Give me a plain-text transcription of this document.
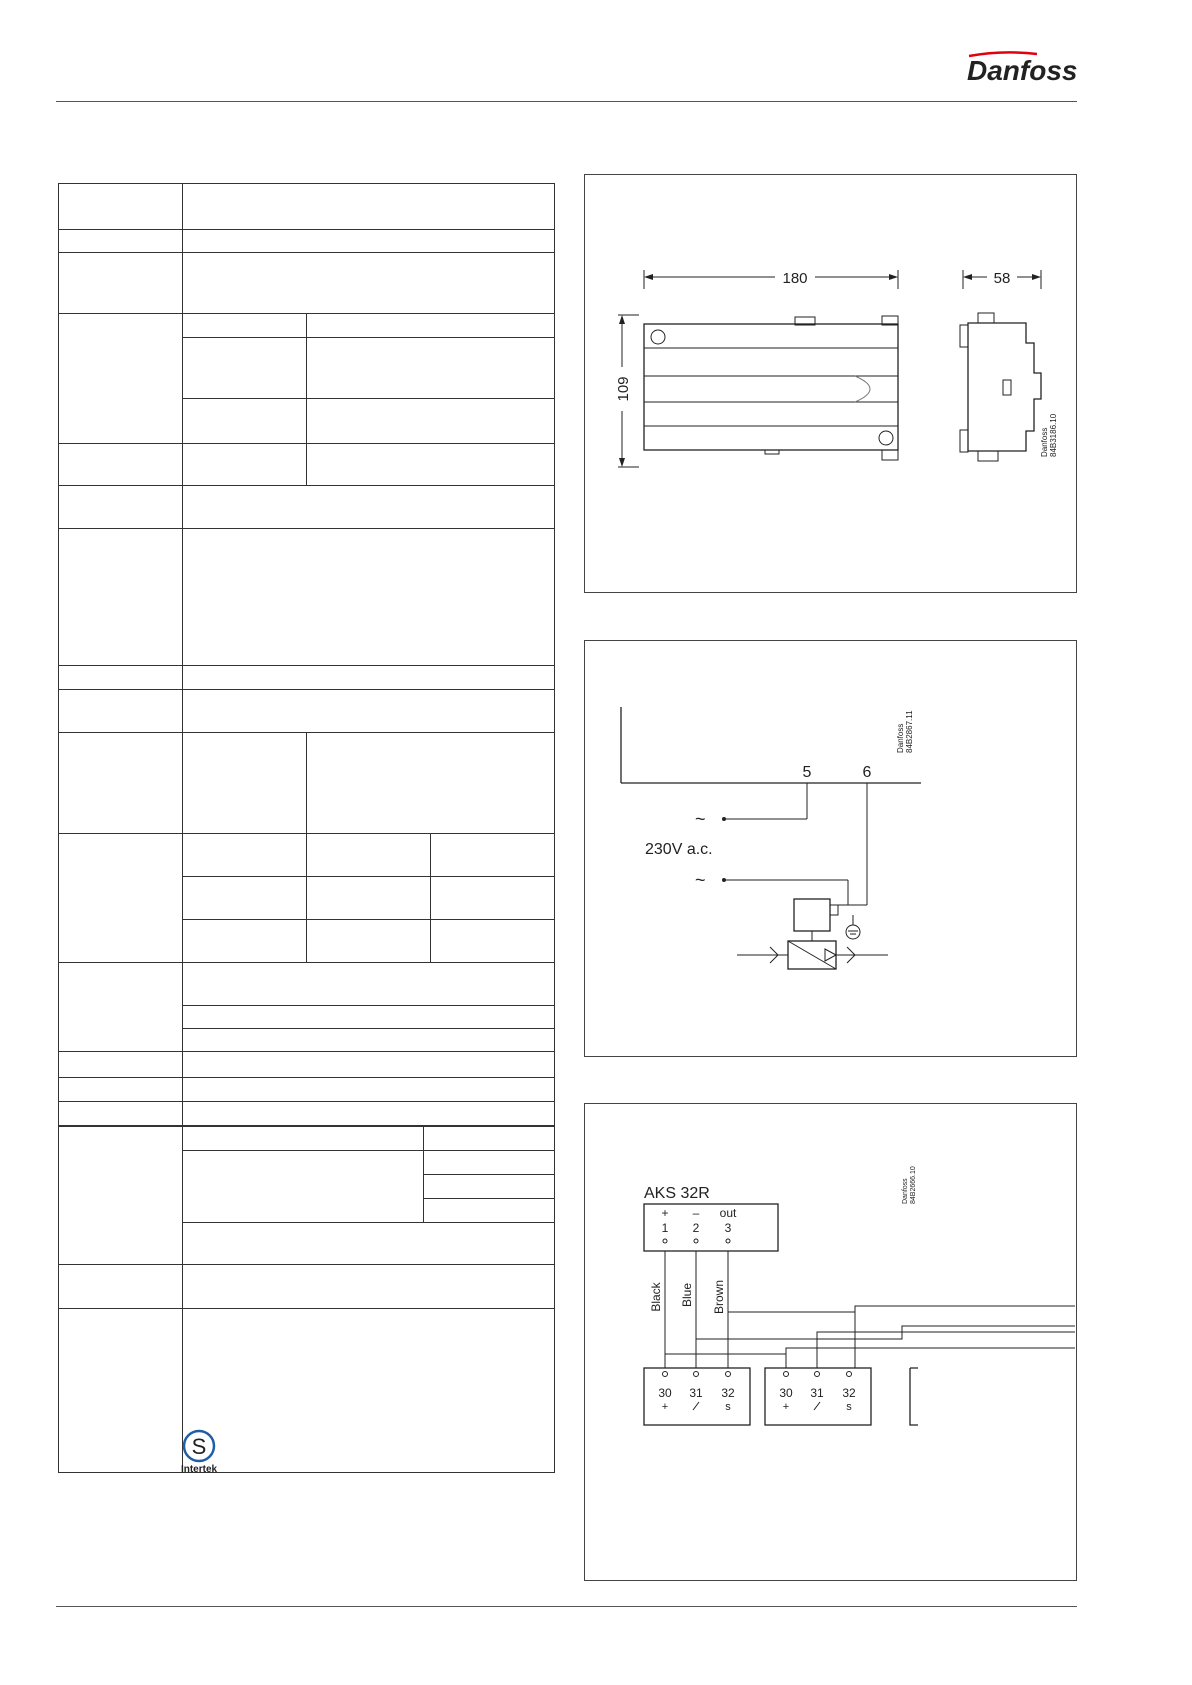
Danfoss

S
Intertek
180
109
58
Danfoss 84B3186.10
5	6
Danfoss 84B2867.11
~
230V a.c.
~
AKS 32R
+ – out
1 2 3
Black Blue Brown
30 31 32
+	s
30 31 32
+	s
Danfoss 84B2666.10
